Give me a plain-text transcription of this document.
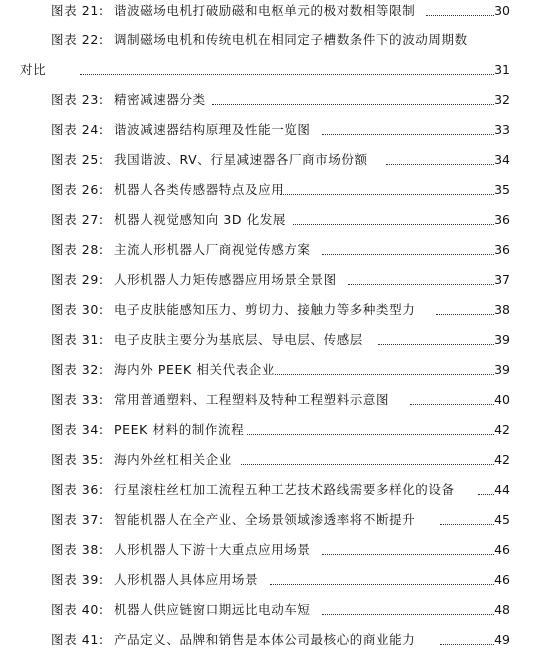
图表 21: 谐波磁场电机打破励磁和电枢单元的极对数相等限制	30
图表 22: 调制磁场电机和传统电机在相同定子槽数条件下的波动周期数
对比	31
图表 23: 精密减速器分类	32
图表 24: 谐波减速器结构原理及性能一览图	33
图表 25: 我国谐波、RV、行星减速器各厂商市场份额	34
图表 26: 机器人各类传感器特点及应用	35
图表 27: 机器人视觉感知向 3D 化发展	36
图表 28: 主流人形机器人厂商视觉传感方案	36
图表 29: 人形机器人力矩传感器应用场景全景图	37
图表 30: 电子皮肤能感知压力、剪切力、接触力等多种类型力	38
图表 31: 电子皮肤主要分为基底层、导电层、传感层	39
图表 32: 海内外 PEEK 相关代表企业	39
图表 33: 常用普通塑料、工程塑料及特种工程塑料示意图	40
图表 34: PEEK 材料的制作流程	42
图表 35: 海内外丝杠相关企业	42
图表 36: 行星滚柱丝杠加工流程五种工艺技术路线需要多样化的设备	44
图表 37: 智能机器人在全产业、全场景领域渗透率将不断提升	45
图表 38: 人形机器人下游十大重点应用场景	46
图表 39: 人形机器人具体应用场景	46
图表 40: 机器人供应链窗口期远比电动车短	48
图表 41: 产品定义、品牌和销售是本体公司最核心的商业能力	49
